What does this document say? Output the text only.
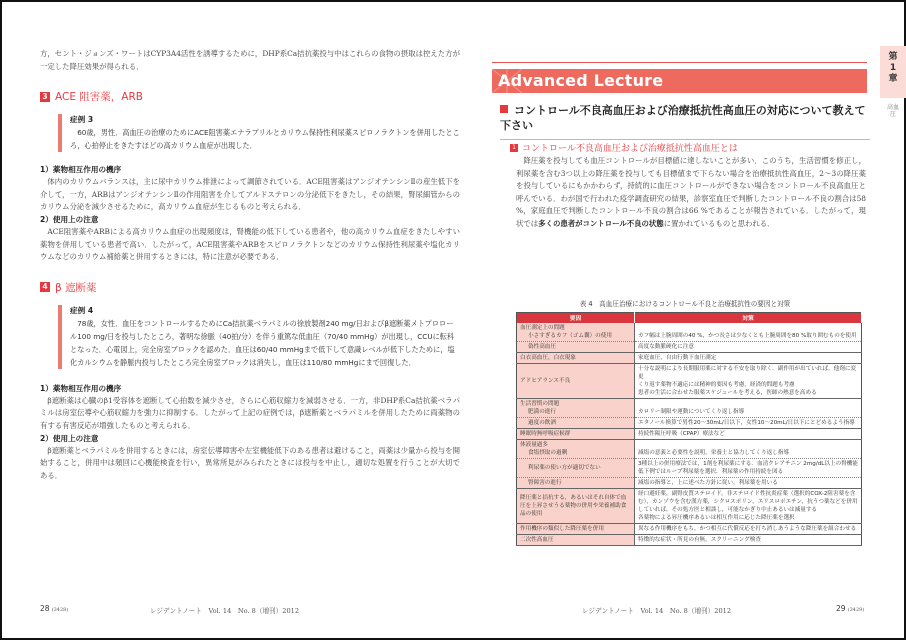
方，セント・ジョンズ・ワートはCYP3A4活性を誘導するために，DHP系Ca拮抗薬投与中はこれらの食物の摂取は控えた方が一定した降圧効果が得られる．

3 ACE 阻害薬，ARB
症例 3
60歳，男性．高血圧の治療のためにACE阻害薬エナラプリルとカリウム保持性利尿薬スピロノラクトンを併用したところ，心拍停止をきたすほどの高カリウム血症が出現した．
1）薬物相互作用の機序

体内のカリウムバランスは，主に尿中カリウム排泄によって調節されている．ACE阻害薬はアンジオテンシンⅡの産生低下を介して，一方，ARBはアンジオテンシンⅡの作用阻害を介してアルドステロンの分泌低下をきたし，その結果，腎尿細管からのカリウム分泌を減少させるために，高カリウム血症が生じるものと考えられる．

2）使用上の注意

ACE阻害薬やARBによる高カリウム血症の出現頻度は，腎機能の低下している患者や，他の高カリウム血症をきたしやすい薬物を併用している患者で高い．したがって，ACE阻害薬やARBをスピロノラクトンなどのカリウム保持性利尿薬や塩化カリウムなどのカリウム補給薬と併用するときには，特に注意が必要である．

4 β 遮断薬
症例 4
78歳，女性．血圧をコントロールするためにCa拮抗薬ベラパミルの徐放製剤240 mg/日およびβ遮断薬メトプロロール100 mg/日を投与したところ，著明な徐脈（40拍/分）を伴う重篤な低血圧（70/40 mmHg）が出現し，CCUに転科となった．心電図上，完全房室ブロックを認めた．血圧は60/40 mmHgまで低下して意識レベルが低下したために，塩化カルシウムを静脈内投与したところ完全房室ブロックは消失し，血圧は110/80 mmHgにまで回復した．
1）薬物相互作用の機序

β遮断薬は心臓のβ1受容体を遮断して心拍数を減少させ，さらに心筋収縮力を減弱させる．一方，非DHP系Ca拮抗薬ベラパミルは房室伝導や心筋収縮力を強力に抑制する．したがって上記の症例では，β遮断薬とベラパミルを併用したために両薬物の有する有害反応が増強したものと考えられる．

2）使用上の注意

β遮断薬とベラパミルを併用するときには，房室伝導障害や左室機能低下のある患者は避けること，両薬は少量から投与を開始すること，併用中は頻回に心機能検査を行い，異常所見がみられたときには投与を中止し，適切な処置を行うことが大切である．

28 (3428)	レジデントノート　Vol. 14　No. 8（増刊）2012
Advanced Lecture
コントロール不良高血圧および治療抵抗性高血圧の対応について教えて下さい
1 コントロール不良高血圧および治療抵抗性高血圧とは

降圧薬を投与しても血圧コントロールが目標値に達しないことが多い．このうち，生活習慣を修正し，利尿薬を含む3つ以上の降圧薬を投与しても目標値まで下らない場合を治療抵抗性高血圧，2～3の降圧薬を投与しているにもかかわらず，持続的に血圧コントロールができない場合をコントロール不良高血圧と呼んでいる．わが国で行われた疫学調査研究の結果，診察室血圧で判断したコントロール不良の割合は58 %，家庭血圧で判断したコントロール不良の割合は66 %であることが報告されている．したがって，現状では多くの患者がコントロール不良の状態に置かれているものと思われる．

表 4　高血圧治療におけるコントロール不良と治療抵抗性の要因と対策
要因	対策

血圧測定上の問題
小さすぎるカフ（ゴム囊）の使用	カフ幅は上腕周囲の40 %，かつ長さは少なくとも上腕周囲を80 %取り囲むものを使用

偽性高血圧	高度な動脈硬化に注意

白衣高血圧，白衣現象	家庭血圧，自由行動下血圧測定

アドヒアランス不良	十分な説明により長期服用薬に対する不安を取り除く．副作用が出ていれば，他剤に変更
くり返す薬物不適応には精神的要因も考慮，経済的問題も考慮
患者の生活に合わせた服薬スケジュールを考える，医師の熱意を高める

生活習慣の問題
肥満の進行	カロリー制限や運動についてくり返し指導

過度の飲酒	エタノール換算で男性20～30mL/日以下，女性10～20mL/日以下にとどめるよう指導

睡眠時無呼吸症候群	持続性陽圧呼吸（CPAP）療法など

体液量過多
食塩摂取の過剰	減塩の意義と必要性を説明，栄養士と協力してくり返し指導

利尿薬の使い方が適切でない	3種以上の併用療法では，1剤を利尿薬にする．血清クレアチニン 2mg/dL以上の腎機能低下例ではループ利尿薬を選択．利尿薬の作用持続を図る

腎障害の進行	減塩の指導と，上に述べた方針に従い，利尿薬を用いる

降圧薬と拮抗する，あるいはそれ自体で血圧を上昇させうる薬物の併用や栄養補助食品の使用	経口避妊薬，副腎皮質ステロイド，非ステロイド性抗炎症薬（選択的COX-2阻害薬を含む），カンゾウを含む漢方薬，シクロスポリン，エリスロポエチン，抗うつ薬などを併用していれば，その処方医と相談し，可能なかぎり中止あるいは減量する
各薬物による昇圧機序あるいは相互作用に応じた降圧薬を選択

作用機序の類似した降圧薬を併用	異なる作用機序をもち，かつ相互に代償反応を打ち消しあうような降圧薬を組合わせる

二次性高血圧	特徴的な症状・所見の有無，スクリーニング検査
第
1
章
高血圧
レジデントノート　Vol. 14　No. 8（増刊）2012	29 (3429)
